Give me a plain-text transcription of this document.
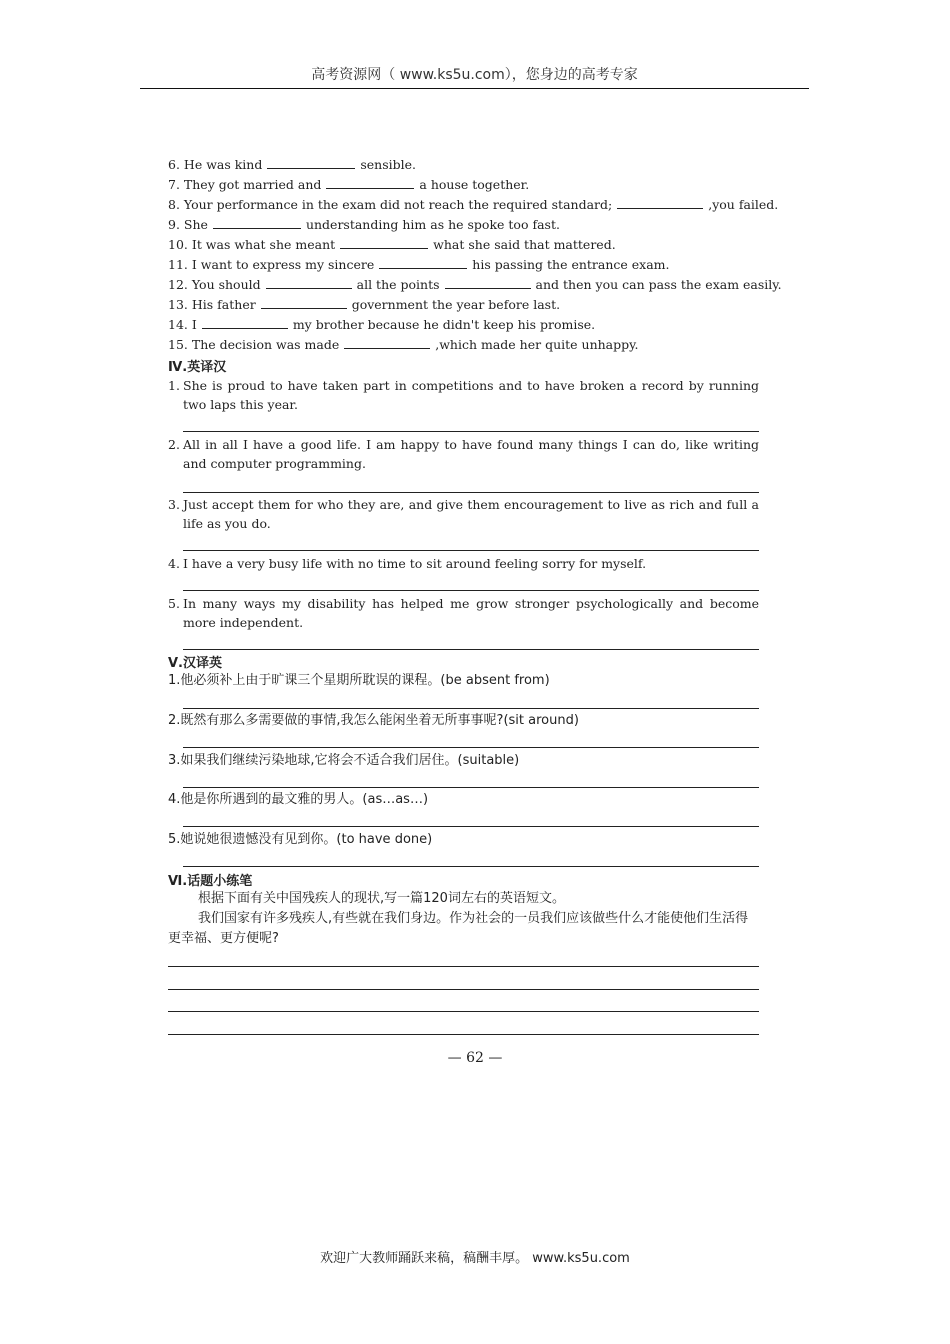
高考资源网（ www.ks5u.com），您身边的高考专家
6. He was kind	sensible.
7. They got married and	a house together.
8. Your performance in the exam did not reach the required standard;	,you failed.
9. She	understanding him as he spoke too fast.
10. It was what she meant	what she said that mattered.
11. I want to express my sincere	his passing the entrance exam.
12. You should	all the points	and then you can pass the exam easily.
13. His father	government the year before last.
14. I	my brother because he didn't keep his promise.
15. The decision was made	,which made her quite unhappy.
Ⅳ.英译汉
1. She is proud to have taken part in competitions and to have broken a record by running two laps this year.
2. All in all I have a good life. I am happy to have found many things I can do, like writing and computer programming.
3. Just accept them for who they are, and give them encouragement to live as rich and full a life as you do.
4. I have a very busy life with no time to sit around feeling sorry for myself.
5. In many ways my disability has helped me grow stronger psychologically and become more independent.
Ⅴ.汉译英
1.他必须补上由于旷课三个星期所耽误的课程。(be absent from)
2.既然有那么多需要做的事情,我怎么能闲坐着无所事事呢?(sit around)
3.如果我们继续污染地球,它将会不适合我们居住。(suitable)
4.他是你所遇到的最文雅的男人。(as…as…)
5.她说她很遗憾没有见到你。(to have done)
Ⅵ.话题小练笔
根据下面有关中国残疾人的现状,写一篇120词左右的英语短文。
我们国家有许多残疾人,有些就在我们身边。作为社会的一员我们应该做些什么才能使他们生活得更幸福、更方便呢?
— 62 —
欢迎广大教师踊跃来稿，稿酬丰厚。 www.ks5u.com
